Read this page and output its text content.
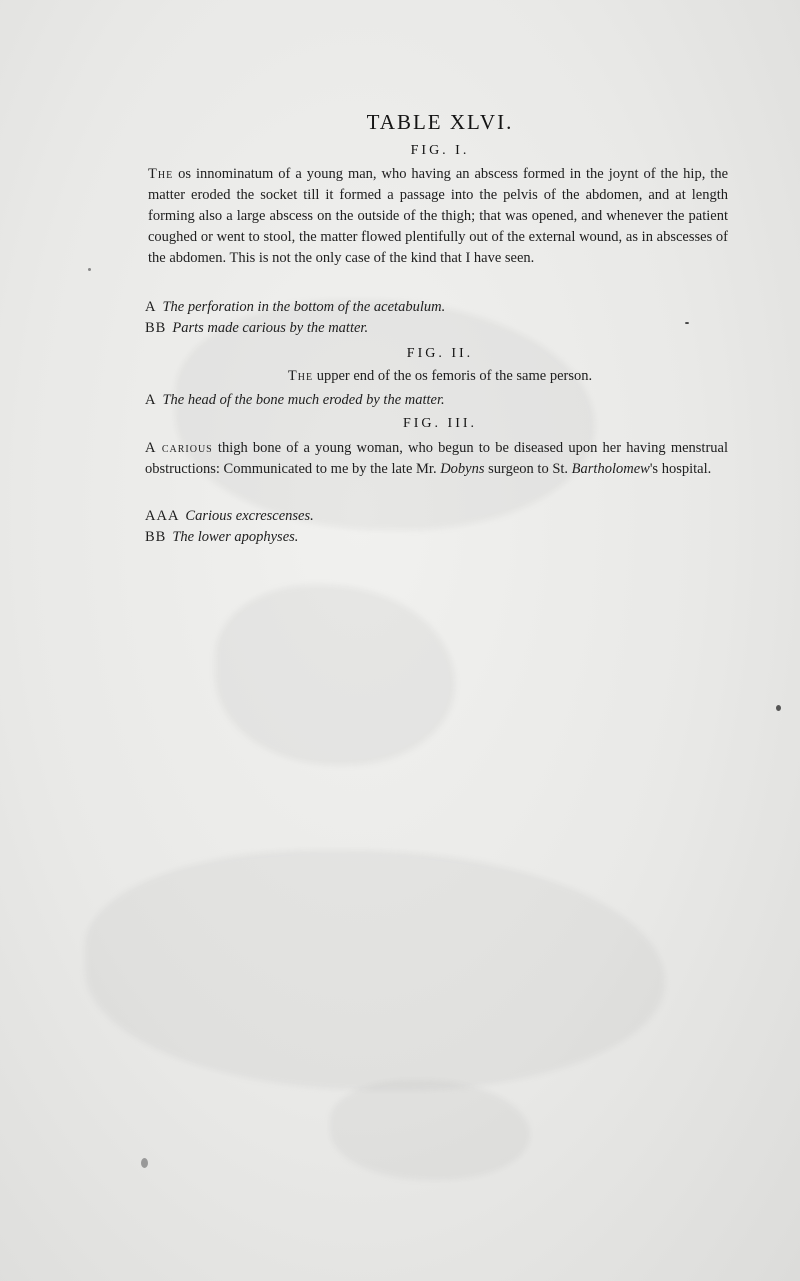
TABLE XLVI.
FIG. I.
The os innominatum of a young man, who having an abscess formed in the joynt of the hip, the matter eroded the socket till it formed a passage into the pelvis of the abdomen, and at length forming also a large abscess on the outside of the thigh; that was opened, and whenever the patient coughed or went to stool, the matter flowed plentifully out of the external wound, as in abscesses of the abdomen. This is not the only case of the kind that I have seen.
A The perforation in the bottom of the acetabulum.
BB Parts made carious by the matter.
FIG. II.
The upper end of the os femoris of the same person.
A The head of the bone much eroded by the matter.
FIG. III.
A carious thigh bone of a young woman, who begun to be diseased upon her having menstrual obstructions: Communicated to me by the late Mr. Dobyns surgeon to St. Bartholomew's hospital.
AAA Carious excrescenses.
BB The lower apophyses.
